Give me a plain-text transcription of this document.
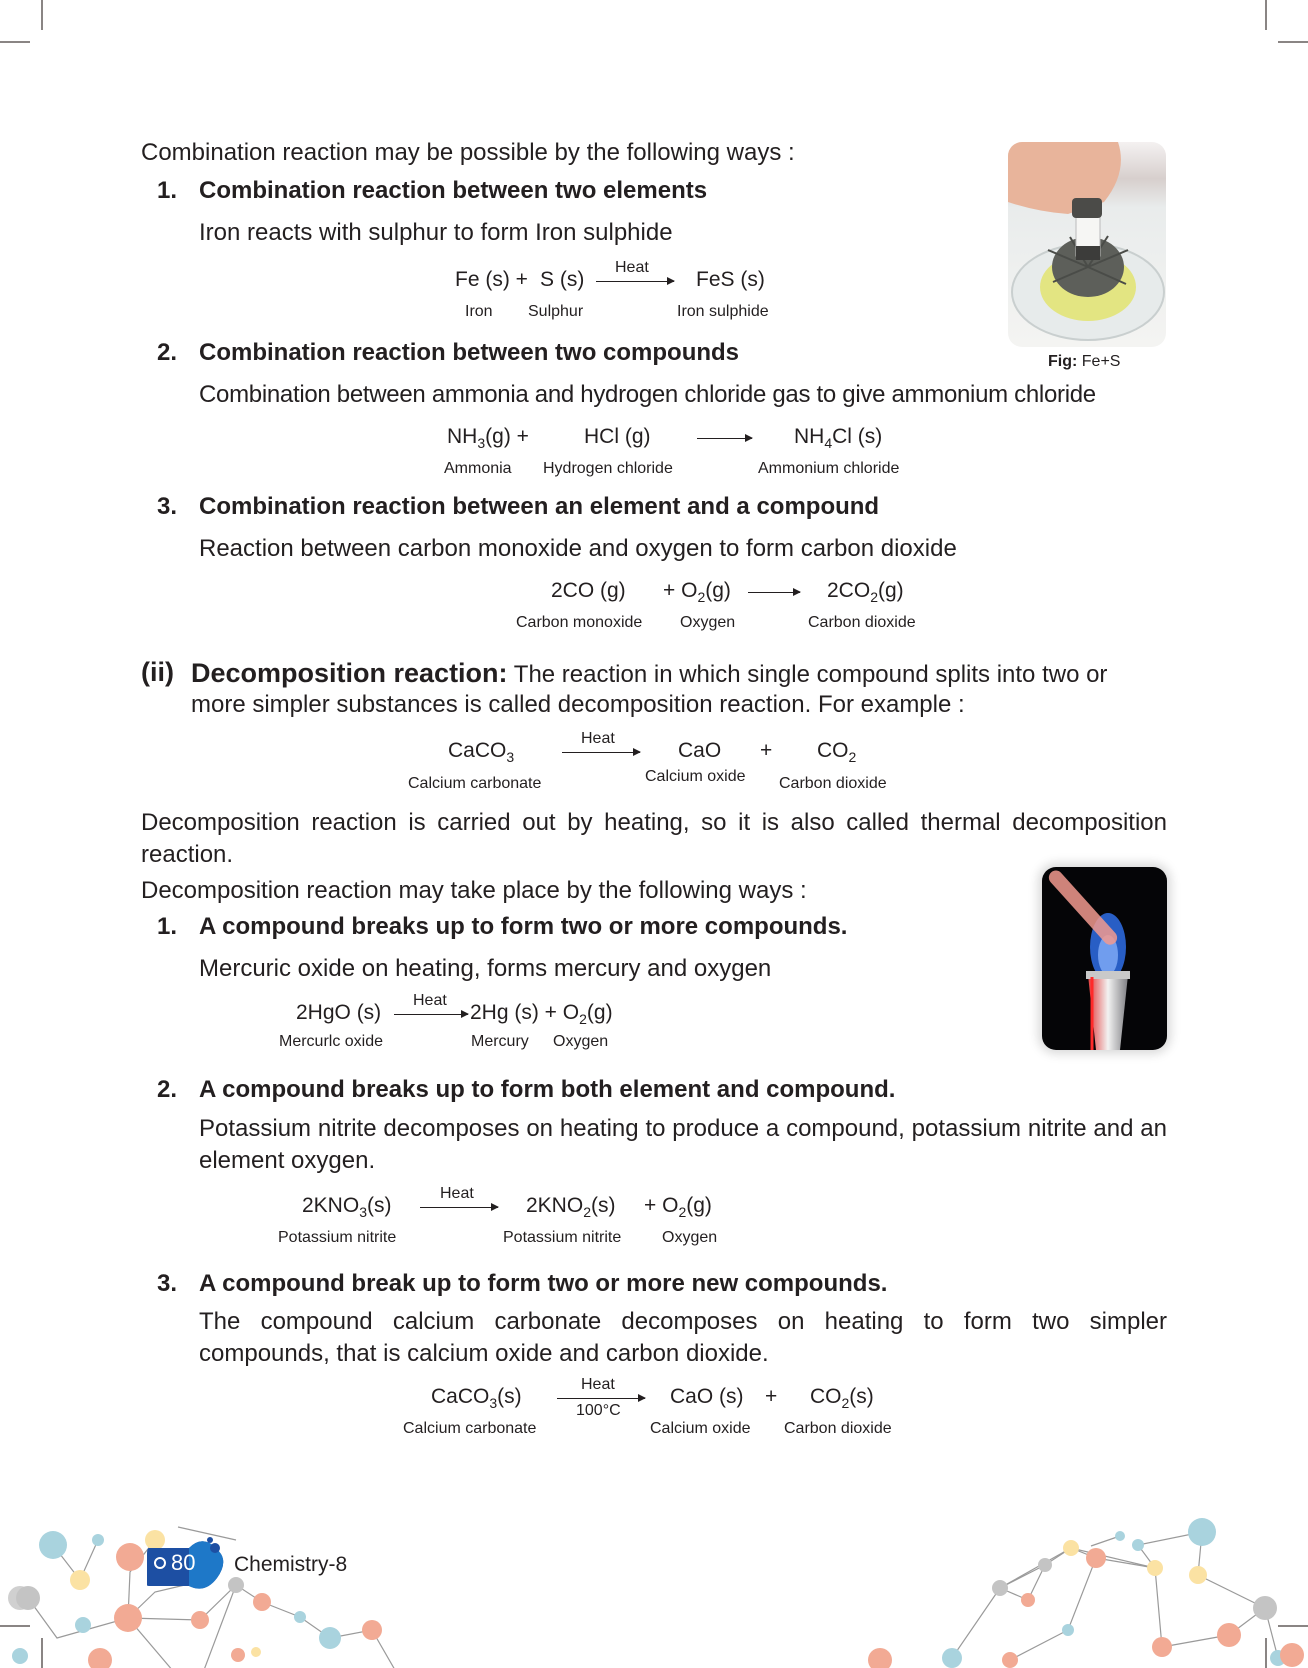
Combination reaction may be possible by the following ways :
1. Combination reaction between two elements
Iron reacts with sulphur to form Iron sulphide
Fe (s) + S (s)
Heat
FeS (s)
Iron Sulphur	Iron sulphide
Fig: Fe+S
2. Combination reaction between two compounds
Combination between ammonia and hydrogen chloride gas to give ammonium chloride
$NH_3(g)$ +	HCl (g)	$NH_4Cl$ (s)
Ammonia Hydrogen chloride	Ammonium chloride
3. Combination reaction between an element and a compound
Reaction between carbon monoxide and oxygen to form carbon dioxide
2CO $(g) + O_2(g) \to 2CO_2(g)$
Carbon monoxide Oxygen	Carbon dioxide
(ii) Decomposition reaction: The reaction in which single compound splits into two or
more simpler substances is called decomposition reaction. For example :
CaCO$_3$
Heat
CaO + $CO_2$
Calcium carbonate	Calcium oxide Carbon dioxide
Decomposition reaction is carried out by heating, so it is also called thermal decomposition reaction.
Decomposition reaction may take place by the following ways :
1. A compound breaks up to form two or more compounds.
Mercuric oxide on heating, forms mercury and oxygen
2HgO (s)
Heat
2Hg $(s) + O_2(g)$
Mercurlc oxide	Mercury Oxygen
2. A compound breaks up to form both element and compound.
Potassium nitrite decomposes on heating to produce a compound, potassium nitrite and an element oxygen.
$2KNO_3(s)$
Heat
$2KNO_2(s) + O_2(g)$
Potassium nitrite	Potassium nitrite	Oxygen
3. A compound break up to form two or more new compounds.
The compound calcium carbonate decomposes on heating to form two simpler compounds, that is calcium oxide and carbon dioxide.
CaCO$_3$(s)
Heat
100°C
CaO $(s) + CO_2(s)$
Calcium carbonate	Calcium oxide Carbon dioxide
80 Chemistry-8
